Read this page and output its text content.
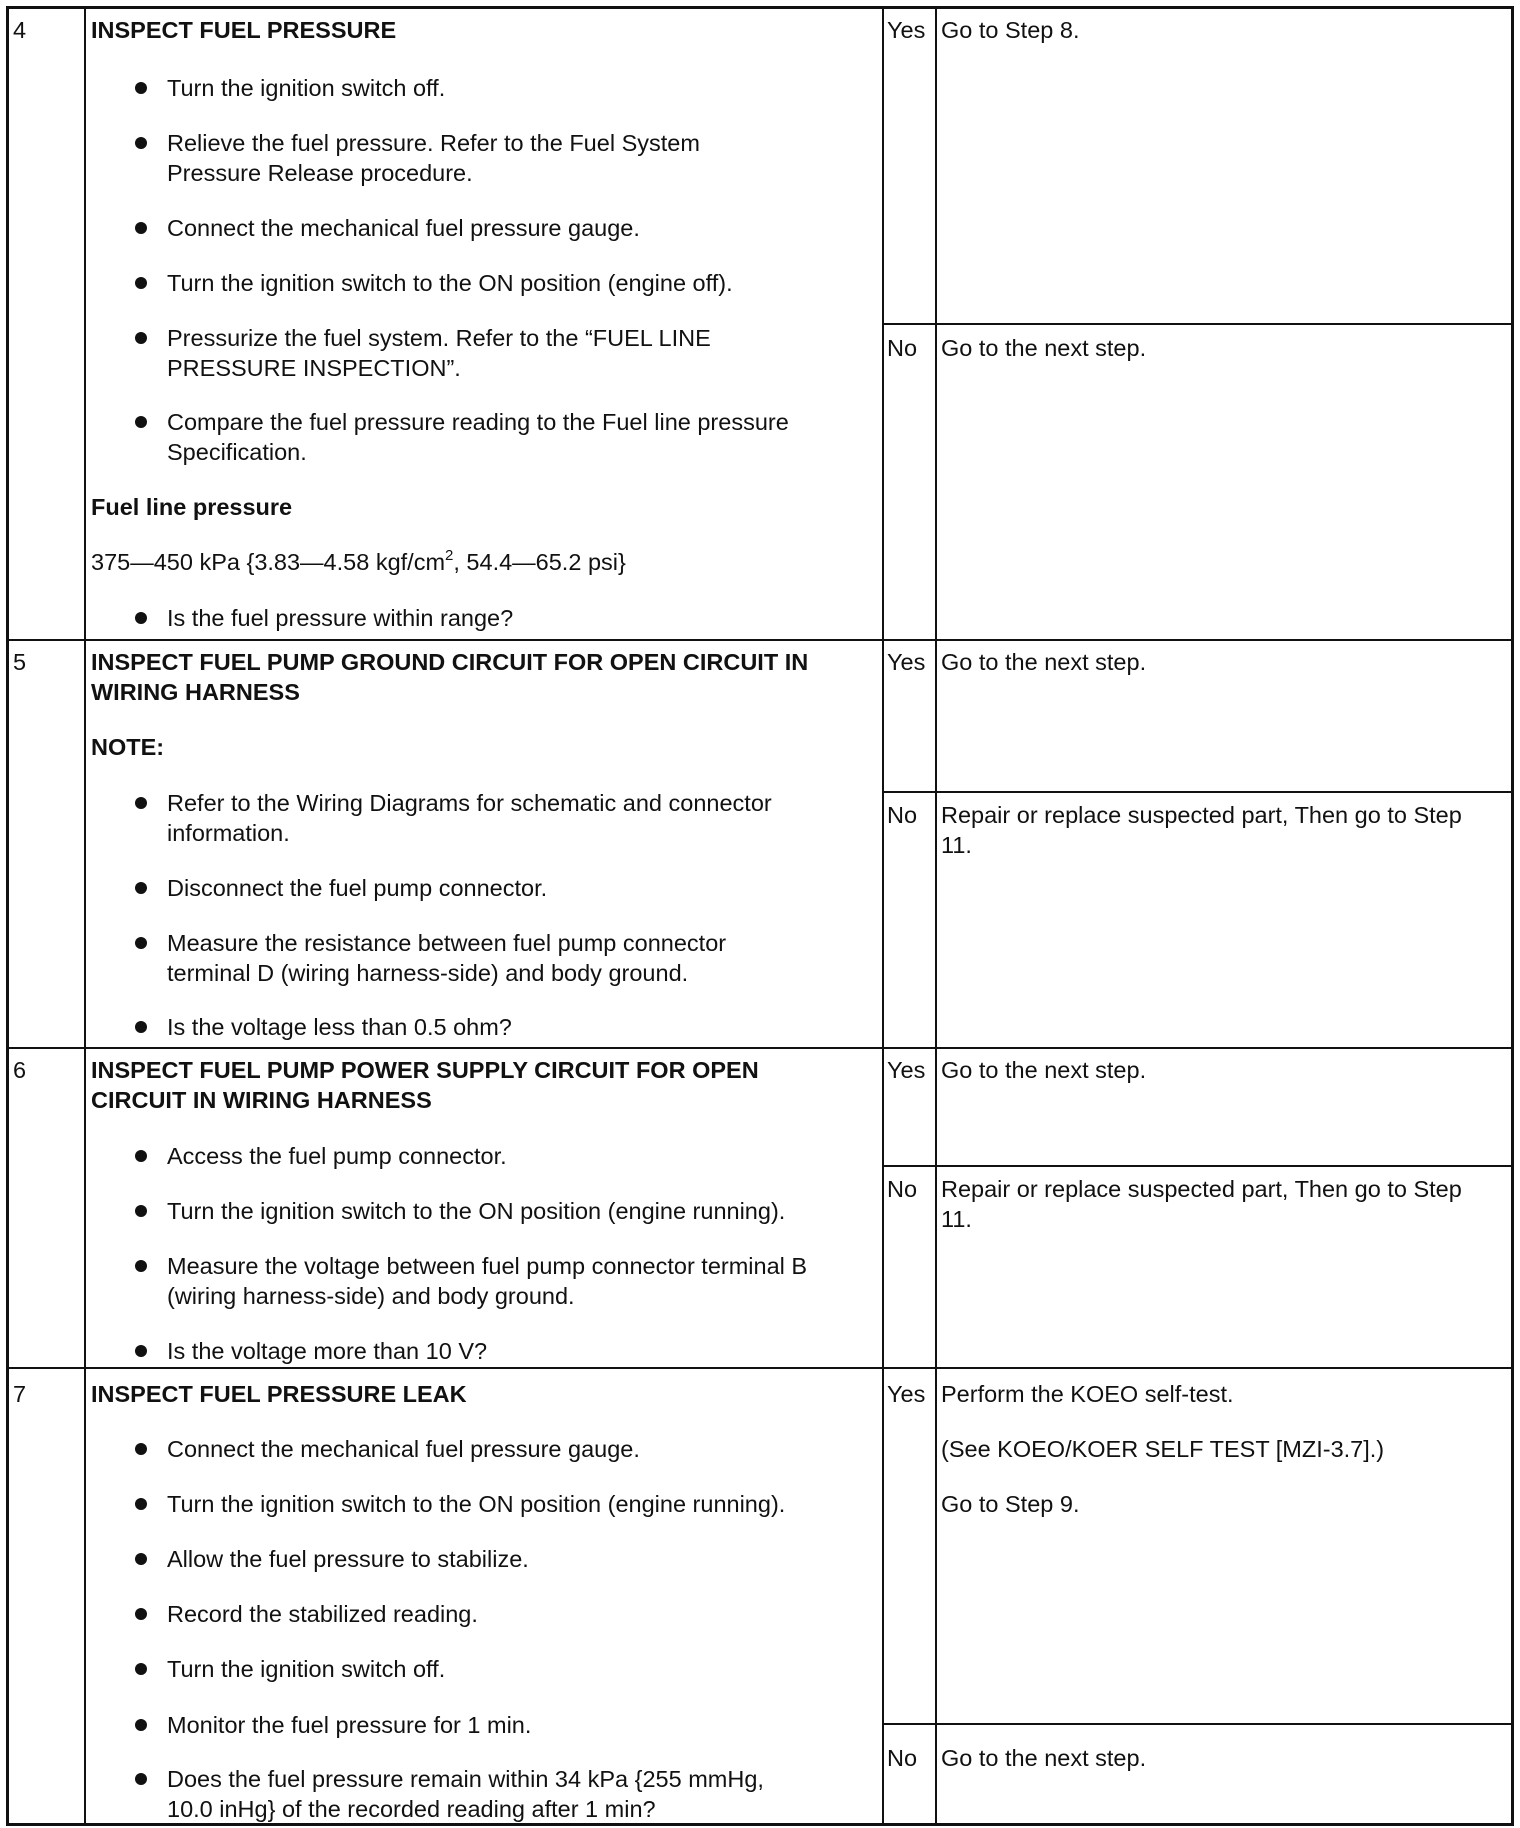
4	INSPECT FUEL PRESSURE
Turn the ignition switch off.
Relieve the fuel pressure. Refer to the Fuel System
Pressure Release procedure.
Connect the mechanical fuel pressure gauge.
Turn the ignition switch to the ON position (engine off).
Pressurize the fuel system. Refer to the “FUEL LINE
PRESSURE INSPECTION”.
Compare the fuel pressure reading to the Fuel line pressure
Specification.
Fuel line pressure
375—450 kPa {3.83—4.58 kgf/$cm^2$, 54.4—65.2 psi}
Is the fuel pressure within range?
Yes Go to Step 8.
No Go to the next step.
5	INSPECT FUEL PUMP GROUND CIRCUIT FOR OPEN CIRCUIT IN
WIRING HARNESS
NOTE:
Refer to the Wiring Diagrams for schematic and connector
information.
Disconnect the fuel pump connector.
Measure the resistance between fuel pump connector
terminal D (wiring harness-side) and body ground.
Is the voltage less than 0.5 ohm?
Yes Go to the next step.
No Repair or replace suspected part, Then go to Step
11.
6	INSPECT FUEL PUMP POWER SUPPLY CIRCUIT FOR OPEN
CIRCUIT IN WIRING HARNESS
Access the fuel pump connector.
Turn the ignition switch to the ON position (engine running).
Measure the voltage between fuel pump connector terminal B
(wiring harness-side) and body ground.
Is the voltage more than 10 V?
Yes Go to the next step.
No Repair or replace suspected part, Then go to Step
11.
7	INSPECT FUEL PRESSURE LEAK
Connect the mechanical fuel pressure gauge.
Turn the ignition switch to the ON position (engine running).
Allow the fuel pressure to stabilize.
Record the stabilized reading.
Turn the ignition switch off.
Monitor the fuel pressure for 1 min.
Does the fuel pressure remain within 34 kPa {255 mmHg,
10.0 inHg} of the recorded reading after 1 min?
Yes Perform the KOEO self-test.
(See KOEO/KOER SELF TEST [MZI-3.7].)
Go to Step 9.
No Go to the next step.
